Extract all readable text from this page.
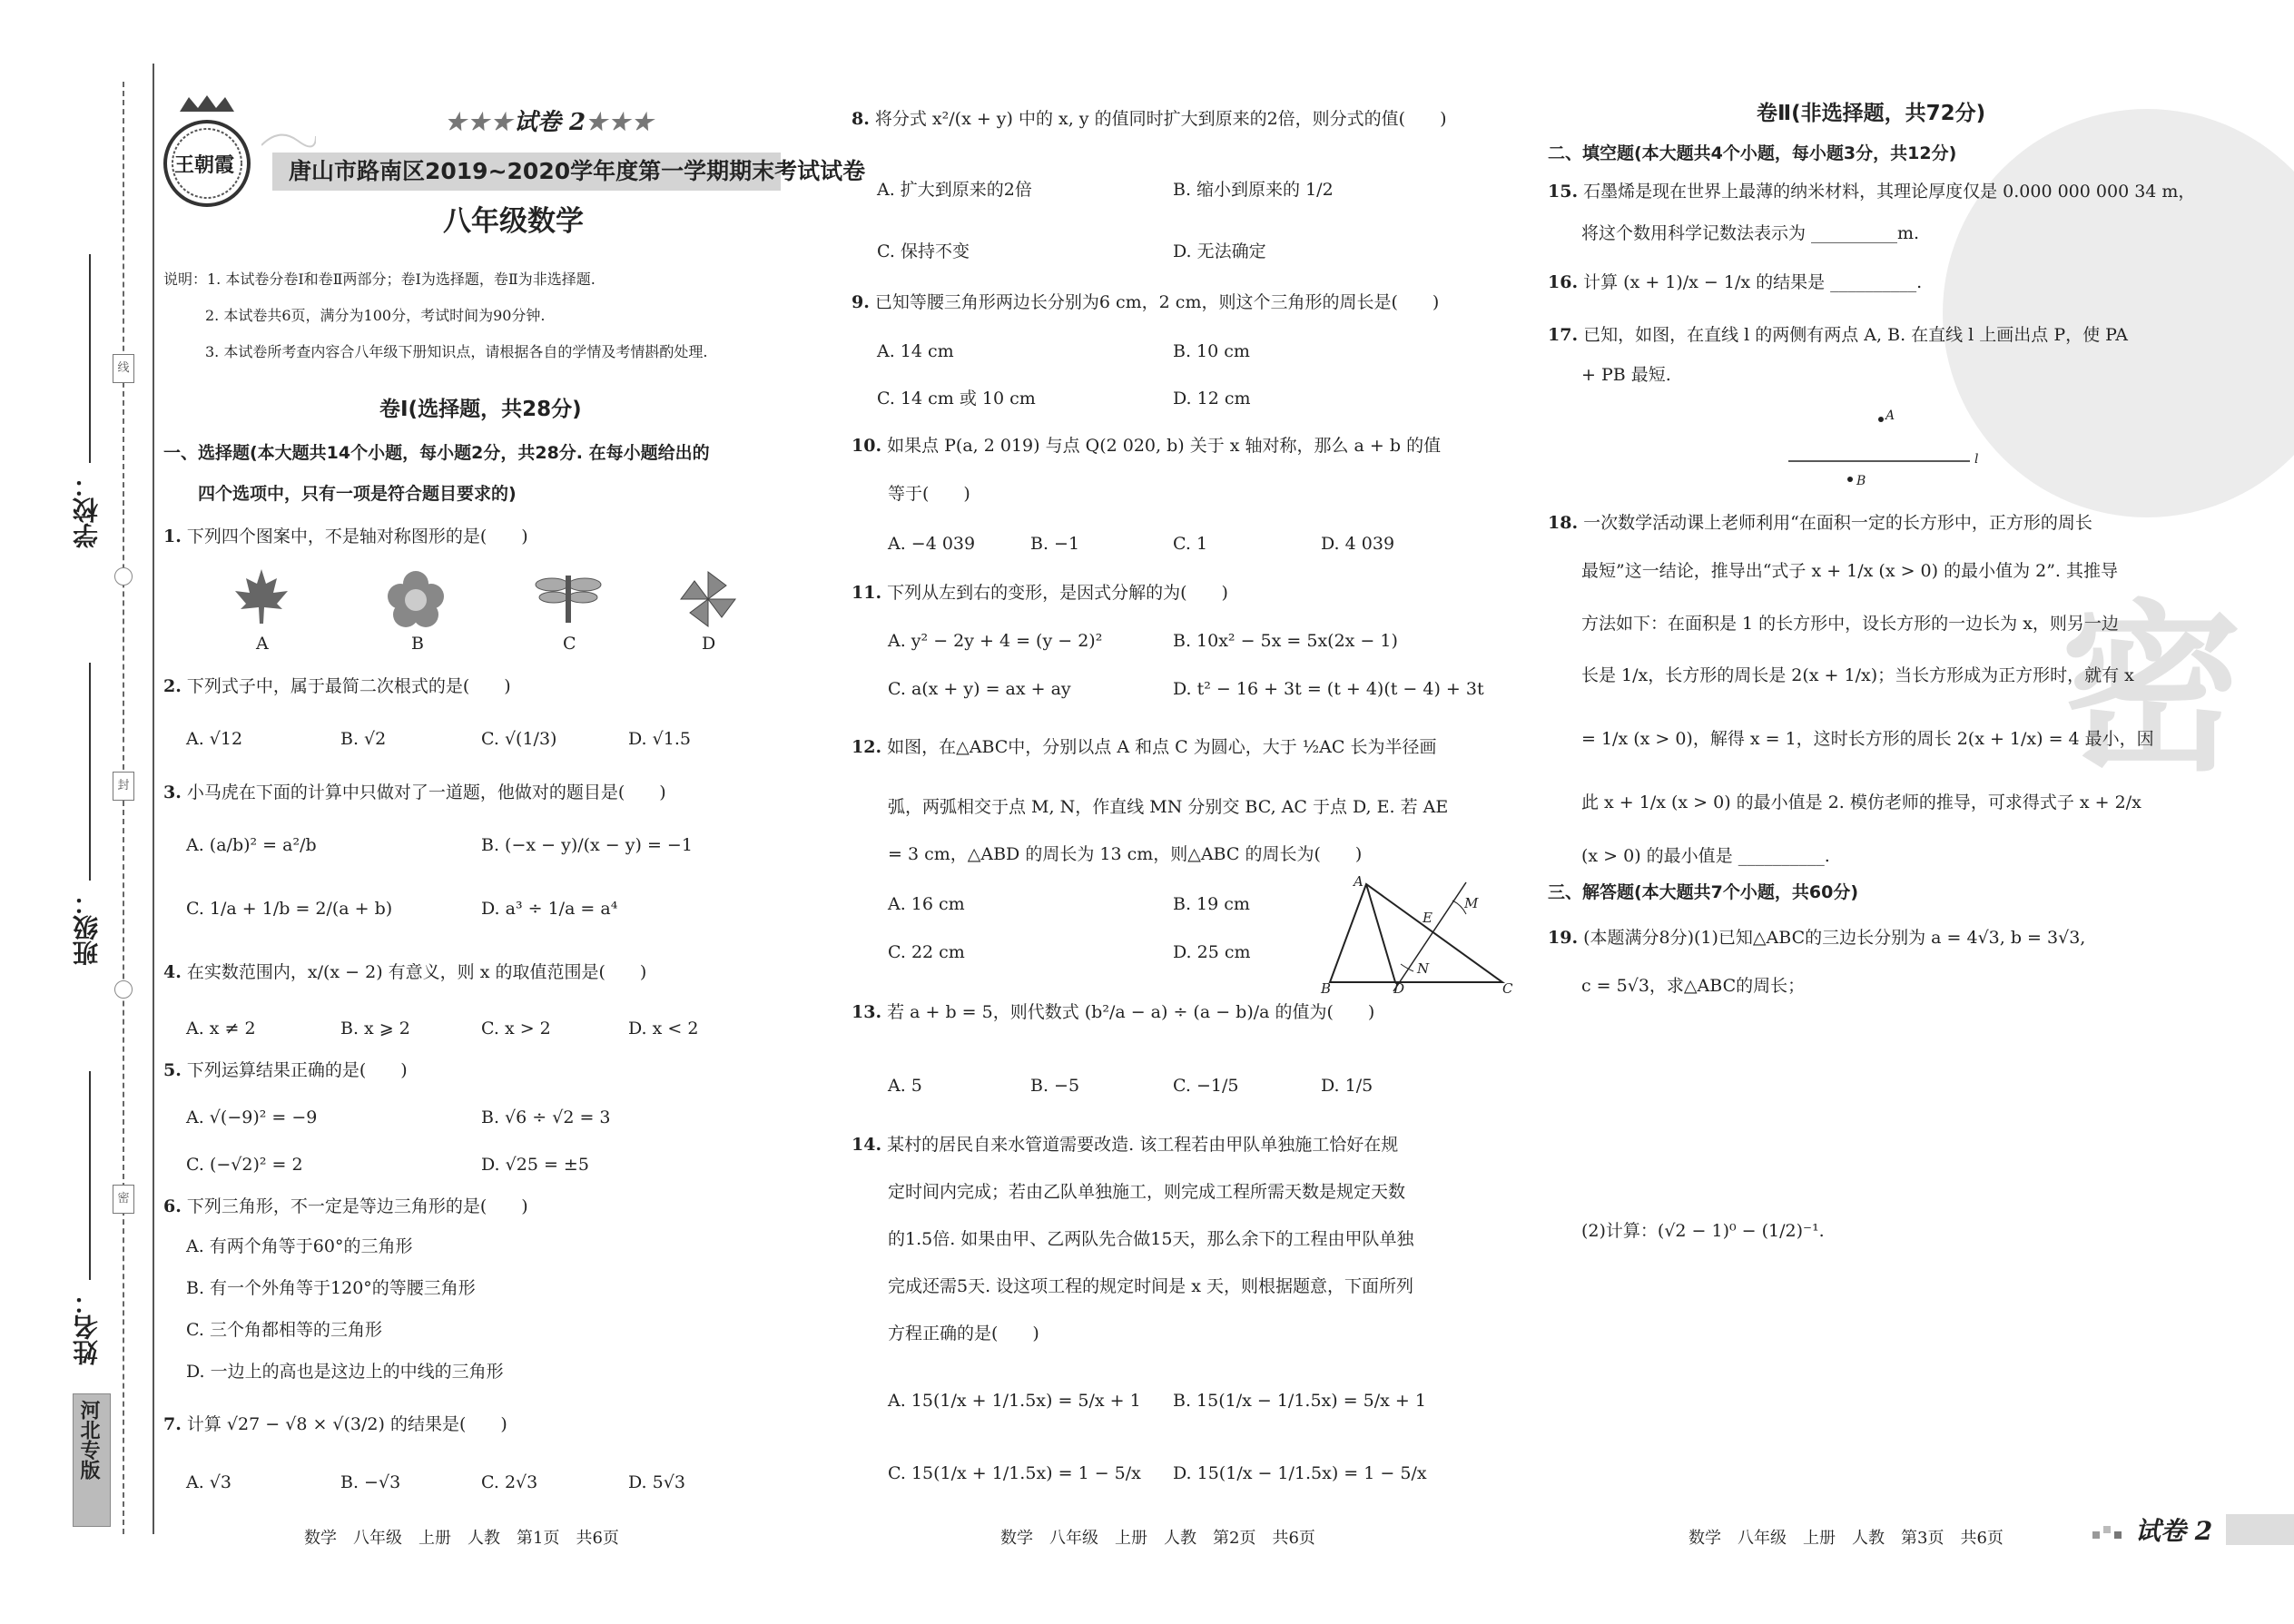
线
封
密
学校：
班级：
姓名：
河北专版
王朝霞
★★★试卷 2★★★
唐山市路南区2019~2020学年度第一学期期末考试试卷
八年级数学
说明：1. 本试卷分卷Ⅰ和卷Ⅱ两部分；卷Ⅰ为选择题，卷Ⅱ为非选择题.
2. 本试卷共6页，满分为100分，考试时间为90分钟.
3. 本试卷所考查内容合八年级下册知识点，请根据各自的学情及考情斟酌处理.
卷Ⅰ(选择题，共28分)
一、选择题(本大题共14个小题，每小题2分，共28分. 在每小题给出的
四个选项中，只有一项是符合题目要求的)
1. 下列四个图案中，不是轴对称图形的是(　　)
A	B	C	D
2. 下列式子中，属于最简二次根式的是(　　)
A. √12	B. √2	C. √(1/3)	D. √1.5
3. 小马虎在下面的计算中只做对了一道题，他做对的题目是(　　)
A. (a/b)² = a²/b	B. (−x − y)/(x − y) = −1
C. 1/a + 1/b = 2/(a + b)	D. a³ ÷ 1/a = a⁴
4. 在实数范围内，x/(x − 2) 有意义，则 x 的取值范围是(　　)
A. x ≠ 2	B. x ⩾ 2	C. x > 2	D. x < 2
5. 下列运算结果正确的是(　　)
A. √(−9)² = −9	B. √6 ÷ √2 = 3
C. (−√2)² = 2	D. √25 = ±5
6. 下列三角形，不一定是等边三角形的是(　　)
A. 有两个角等于60°的三角形
B. 有一个外角等于120°的等腰三角形
C. 三个角都相等的三角形
D. 一边上的高也是这边上的中线的三角形
7. 计算 √27 − √8 × √(3/2) 的结果是(　　)
A. √3	B. −√3	C. 2√3	D. 5√3
8. 将分式 x²/(x + y) 中的 x, y 的值同时扩大到原来的2倍，则分式的值(　　)
A. 扩大到原来的2倍	B. 缩小到原来的 1/2
C. 保持不变	D. 无法确定
9. 已知等腰三角形两边长分别为6 cm，2 cm，则这个三角形的周长是(　　)
A. 14 cm	B. 10 cm
C. 14 cm 或 10 cm	D. 12 cm
10. 如果点 P(a, 2 019) 与点 Q(2 020, b) 关于 x 轴对称，那么 a + b 的值
等于(　　)
A. −4 039	B. −1	C. 1	D. 4 039
11. 下列从左到右的变形，是因式分解的为(　　)
A. y² − 2y + 4 = (y − 2)²	B. 10x² − 5x = 5x(2x − 1)
C. a(x + y) = ax + ay	D. t² − 16 + 3t = (t + 4)(t − 4) + 3t
12. 如图，在△ABC中，分别以点 A 和点 C 为圆心，大于 ½AC 长为半径画
弧，两弧相交于点 M, N，作直线 MN 分别交 BC, AC 于点 D, E. 若 AE
= 3 cm，△ABD 的周长为 13 cm，则△ABC 的周长为(　　)
A. 16 cm	B. 19 cm
C. 22 cm	D. 25 cm
A
B	C
D
E
M
N
13. 若 a + b = 5，则代数式 (b²/a − a) ÷ (a − b)/a 的值为(　　)
A. 5	B. −5	C. −1/5	D. 1/5
14. 某村的居民自来水管道需要改造. 该工程若由甲队单独施工恰好在规
定时间内完成；若由乙队单独施工，则完成工程所需天数是规定天数
的1.5倍. 如果由甲、乙两队先合做15天，那么余下的工程由甲队单独
完成还需5天. 设这项工程的规定时间是 x 天，则根据题意，下面所列
方程正确的是(　　)
A. 15(1/x + 1/1.5x) = 5/x + 1 B. 15(1/x − 1/1.5x) = 5/x + 1
C. 15(1/x + 1/1.5x) = 1 − 5/x D. 15(1/x − 1/1.5x) = 1 − 5/x
密
卷Ⅱ(非选择题，共72分)
二、填空题(本大题共4个小题，每小题3分，共12分)
15. 石墨烯是现在世界上最薄的纳米材料，其理论厚度仅是 0.000 000 000 34 m，
将这个数用科学记数法表示为 __________m.
16. 计算 (x + 1)/x − 1/x 的结果是 __________.
17. 已知，如图，在直线 l 的两侧有两点 A, B. 在直线 l 上画出点 P，使 PA
+ PB 最短.
A
B
l
18. 一次数学活动课上老师利用“在面积一定的长方形中，正方形的周长
最短”这一结论，推导出“式子 x + 1/x (x > 0) 的最小值为 2”. 其推导
方法如下：在面积是 1 的长方形中，设长方形的一边长为 x，则另一边
长是 1/x，长方形的周长是 2(x + 1/x)；当长方形成为正方形时，就有 x
= 1/x (x > 0)，解得 x = 1，这时长方形的周长 2(x + 1/x) = 4 最小，因
此 x + 1/x (x > 0) 的最小值是 2. 模仿老师的推导，可求得式子 x + 2/x
(x > 0) 的最小值是 __________.
三、解答题(本大题共7个小题，共60分)
19. (本题满分8分)(1)已知△ABC的三边长分别为 a = 4√3, b = 3√3,
c = 5√3，求△ABC的周长；
(2)计算：(√2 − 1)⁰ − (1/2)⁻¹.
数学　八年级　上册　人教　第1页　共6页	数学　八年级　上册　人教　第2页　共6页	数学　八年级　上册　人教　第3页　共6页	试卷 2
